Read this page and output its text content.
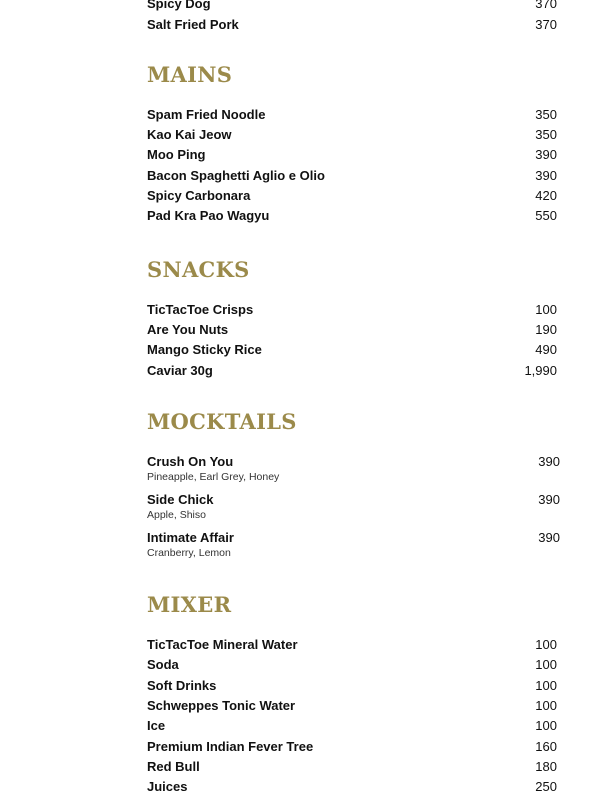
Spicy Dog	370
Salt Fried Pork	370
MAINS
Spam Fried Noodle	350
Kao Kai Jeow	350
Moo Ping	390
Bacon Spaghetti Aglio e Olio	390
Spicy Carbonara	420
Pad Kra Pao Wagyu	550
SNACKS
TicTacToe Crisps	100
Are You Nuts	190
Mango Sticky Rice	490
Caviar 30g	1,990
MOCKTAILS
Crush On You
Pineapple, Earl Grey, Honey
390
Side Chick
Apple, Shiso
390
Intimate Affair
Cranberry, Lemon
390
MIXER
TicTacToe Mineral Water	100
Soda	100
Soft Drinks	100
Schweppes Tonic Water	100
Ice	100
Premium Indian Fever Tree	160
Red Bull	180
Juices	250
